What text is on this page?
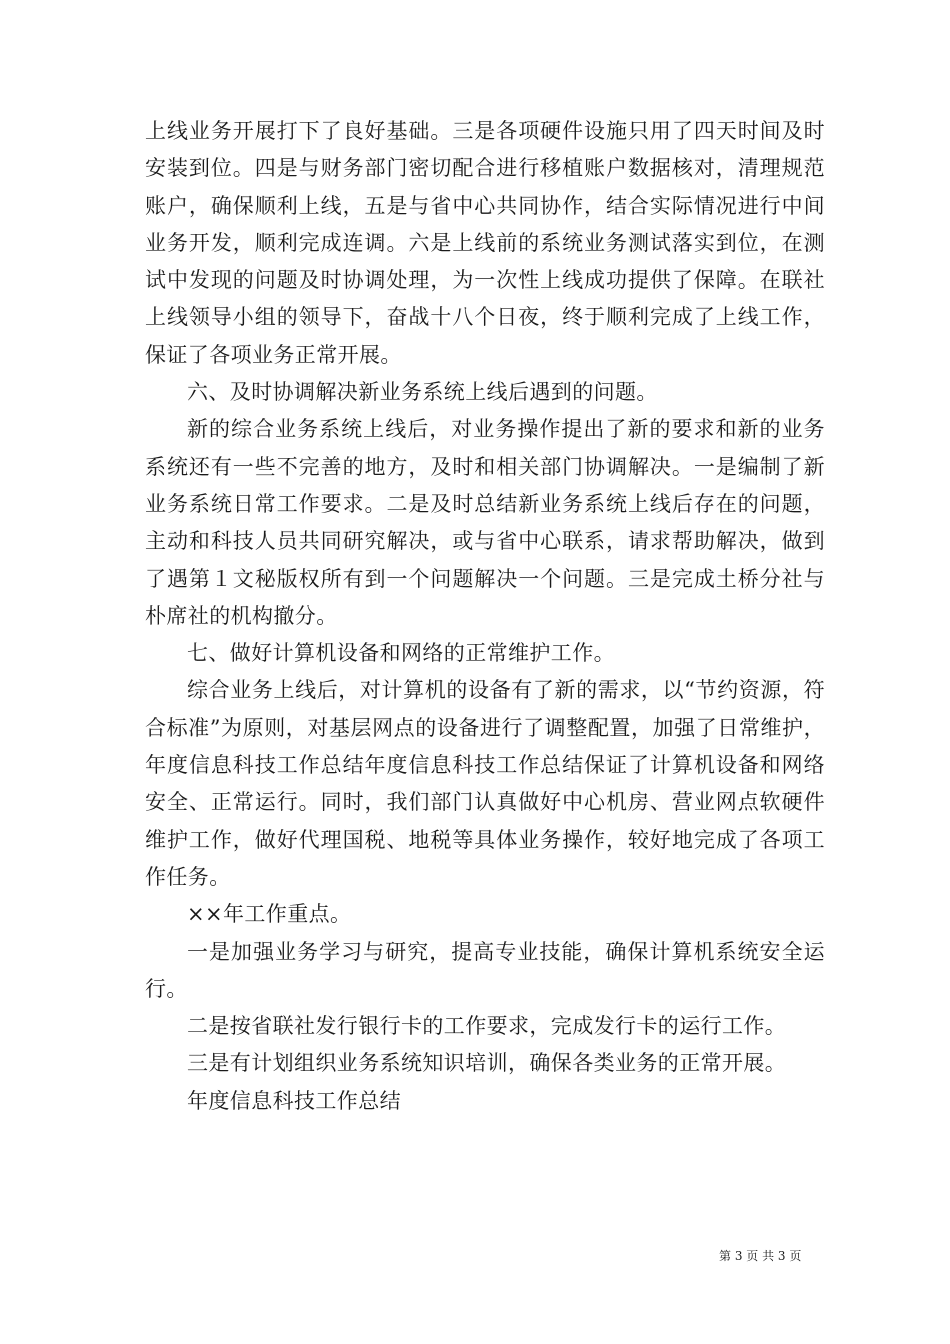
上线业务开展打下了良好基础。三是各项硬件设施只用了四天时间及时安装到位。四是与财务部门密切配合进行移植账户数据核对，清理规范账户，确保顺利上线，五是与省中心共同协作，结合实际情况进行中间业务开发，顺利完成连调。六是上线前的系统业务测试落实到位，在测试中发现的问题及时协调处理，为一次性上线成功提供了保障。在联社上线领导小组的领导下，奋战十八个日夜，终于顺利完成了上线工作，保证了各项业务正常开展。

六、及时协调解决新业务系统上线后遇到的问题。

新的综合业务系统上线后，对业务操作提出了新的要求和新的业务系统还有一些不完善的地方，及时和相关部门协调解决。一是编制了新业务系统日常工作要求。二是及时总结新业务系统上线后存在的问题，主动和科技人员共同研究解决，或与省中心联系，请求帮助解决，做到了遇第１文秘版权所有到一个问题解决一个问题。三是完成土桥分社与朴席社的机构撤分。

七、做好计算机设备和网络的正常维护工作。

综合业务上线后，对计算机的设备有了新的需求，以“节约资源，符合标准”为原则，对基层网点的设备进行了调整配置，加强了日常维护，年度信息科技工作总结年度信息科技工作总结保证了计算机设备和网络安全、正常运行。同时，我们部门认真做好中心机房、营业网点软硬件维护工作，做好代理国税、地税等具体业务操作，较好地完成了各项工作任务。

××年工作重点。

一是加强业务学习与研究，提高专业技能，确保计算机系统安全运行。

二是按省联社发行银行卡的工作要求，完成发行卡的运行工作。

三是有计划组织业务系统知识培训，确保各类业务的正常开展。

年度信息科技工作总结

第 3 页 共 3 页
